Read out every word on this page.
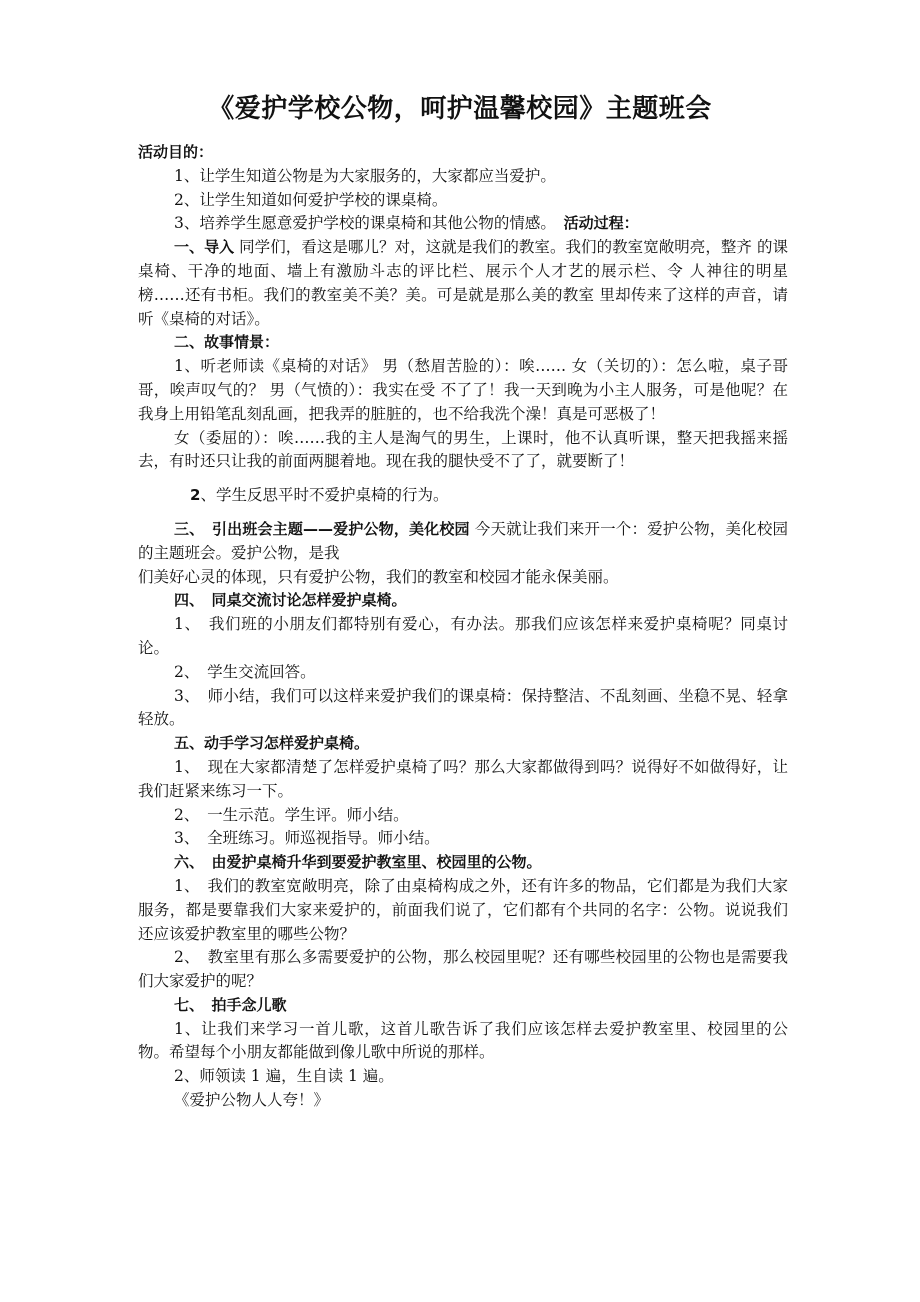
《爱护学校公物，呵护温馨校园》主题班会

活动目的：

1、让学生知道公物是为大家服务的，大家都应当爱护。

2、让学生知道如何爱护学校的课桌椅。

3、培养学生愿意爱护学校的课桌椅和其他公物的情感。　 活动过程：

一、导入 同学们，看这是哪儿？对，这就是我们的教室。我们的教室宽敞明亮，整齐 的课桌椅、干净的地面、墙上有激励斗志的评比栏、展示个人才艺的展示栏、令 人神往的明星榜……还有书柜。我们的教室美不美？美。可是就是那么美的教室 里却传来了这样的声音，请听《桌椅的对话》。

二、故事情景：

1、听老师读《桌椅的对话》 男（愁眉苦脸的）：唉…… 女（关切的）：怎么啦，桌子哥哥，唉声叹气的？ 男（气愤的）：我实在受 不了了！我一天到晚为小主人服务，可是他呢？在 我身上用铅笔乱刻乱画，把我弄的脏脏的，也不给我洗个澡！真是可恶极了！

女（委屈的）：唉……我的主人是淘气的男生，上课时，他不认真听课，整天把我摇来摇去，有时还只让我的前面两腿着地。现在我的腿快受不了了，就要断了！

2、学生反思平时不爱护桌椅的行为。

三、　引出班会主题——爱护公物，美化校园 今天就让我们来开一个：爱护公物，美化校园的主题班会。爱护公物，是我

们美好心灵的体现，只有爱护公物，我们的教室和校园才能永保美丽。

四、　同桌交流讨论怎样爱护桌椅。

1、　我们班的小朋友们都特别有爱心，有办法。那我们应该怎样来爱护桌椅呢？同桌讨论。

2、　学生交流回答。

3、　师小结，我们可以这样来爱护我们的课桌椅：保持整洁、不乱刻画、坐稳不晃、轻拿轻放。

五、动手学习怎样爱护桌椅。

1、　现在大家都清楚了怎样爱护桌椅了吗？那么大家都做得到吗？说得好不如做得好，让我们赶紧来练习一下。

2、　一生示范。学生评。师小结。

3、　全班练习。师巡视指导。师小结。

六、　由爱护桌椅升华到要爱护教室里、校园里的公物。

1、　我们的教室宽敞明亮，除了由桌椅构成之外，还有许多的物品，它们都是为我们大家服务，都是要靠我们大家来爱护的，前面我们说了，它们都有个共同的名字：公物。说说我们还应该爱护教室里的哪些公物？

2、　教室里有那么多需要爱护的公物，那么校园里呢？还有哪些校园里的公物也是需要我们大家爱护的呢？

七、　拍手念儿歌

1、让我们来学习一首儿歌，这首儿歌告诉了我们应该怎样去爱护教室里、校园里的公物。希望每个小朋友都能做到像儿歌中所说的那样。

2、师领读 1 遍，生自读 1 遍。

《爱护公物人人夸！》
